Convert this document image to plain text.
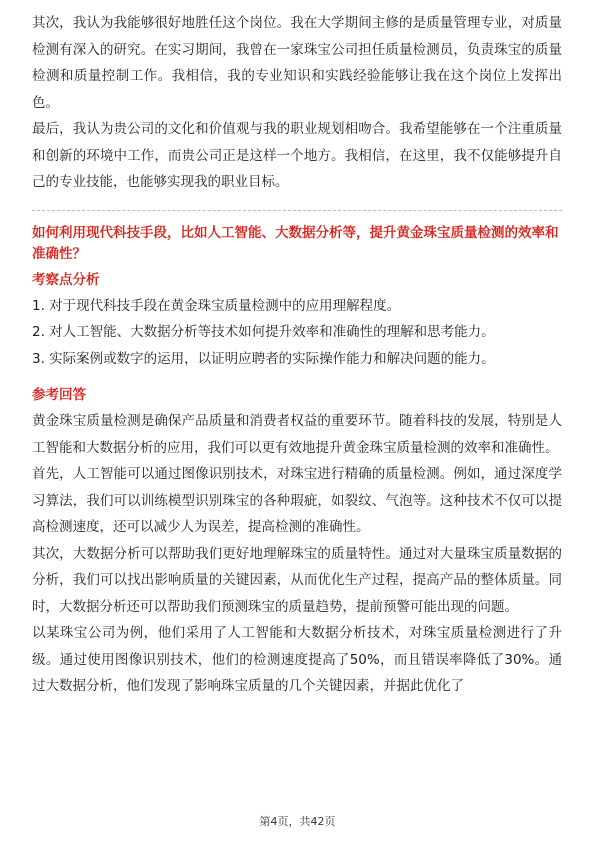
其次，我认为我能够很好地胜任这个岗位。我在大学期间主修的是质量管理专业，对质量检测有深入的研究。在实习期间，我曾在一家珠宝公司担任质量检测员，负责珠宝的质量检测和质量控制工作。我相信，我的专业知识和实践经验能够让我在这个岗位上发挥出色。

最后，我认为贵公司的文化和价值观与我的职业规划相吻合。我希望能够在一个注重质量和创新的环境中工作，而贵公司正是这样一个地方。我相信，在这里，我不仅能够提升自己的专业技能，也能够实现我的职业目标。

如何利用现代科技手段，比如人工智能、大数据分析等，提升黄金珠宝质量检测的效率和准确性？

考察点分析

1. 对于现代科技手段在黄金珠宝质量检测中的应用理解程度。

2. 对人工智能、大数据分析等技术如何提升效率和准确性的理解和思考能力。

3. 实际案例或数字的运用，以证明应聘者的实际操作能力和解决问题的能力。

参考回答

黄金珠宝质量检测是确保产品质量和消费者权益的重要环节。随着科技的发展，特别是人工智能和大数据分析的应用，我们可以更有效地提升黄金珠宝质量检测的效率和准确性。

首先，人工智能可以通过图像识别技术，对珠宝进行精确的质量检测。例如，通过深度学习算法，我们可以训练模型识别珠宝的各种瑕疵，如裂纹、气泡等。这种技术不仅可以提高检测速度，还可以减少人为误差，提高检测的准确性。

其次，大数据分析可以帮助我们更好地理解珠宝的质量特性。通过对大量珠宝质量数据的分析，我们可以找出影响质量的关键因素，从而优化生产过程，提高产品的整体质量。同时，大数据分析还可以帮助我们预测珠宝的质量趋势，提前预警可能出现的问题。

以某珠宝公司为例，他们采用了人工智能和大数据分析技术，对珠宝质量检测进行了升级。通过使用图像识别技术，他们的检测速度提高了50%，而且错误率降低了30%。通过大数据分析，他们发现了影响珠宝质量的几个关键因素，并据此优化了

第4页，共42页
